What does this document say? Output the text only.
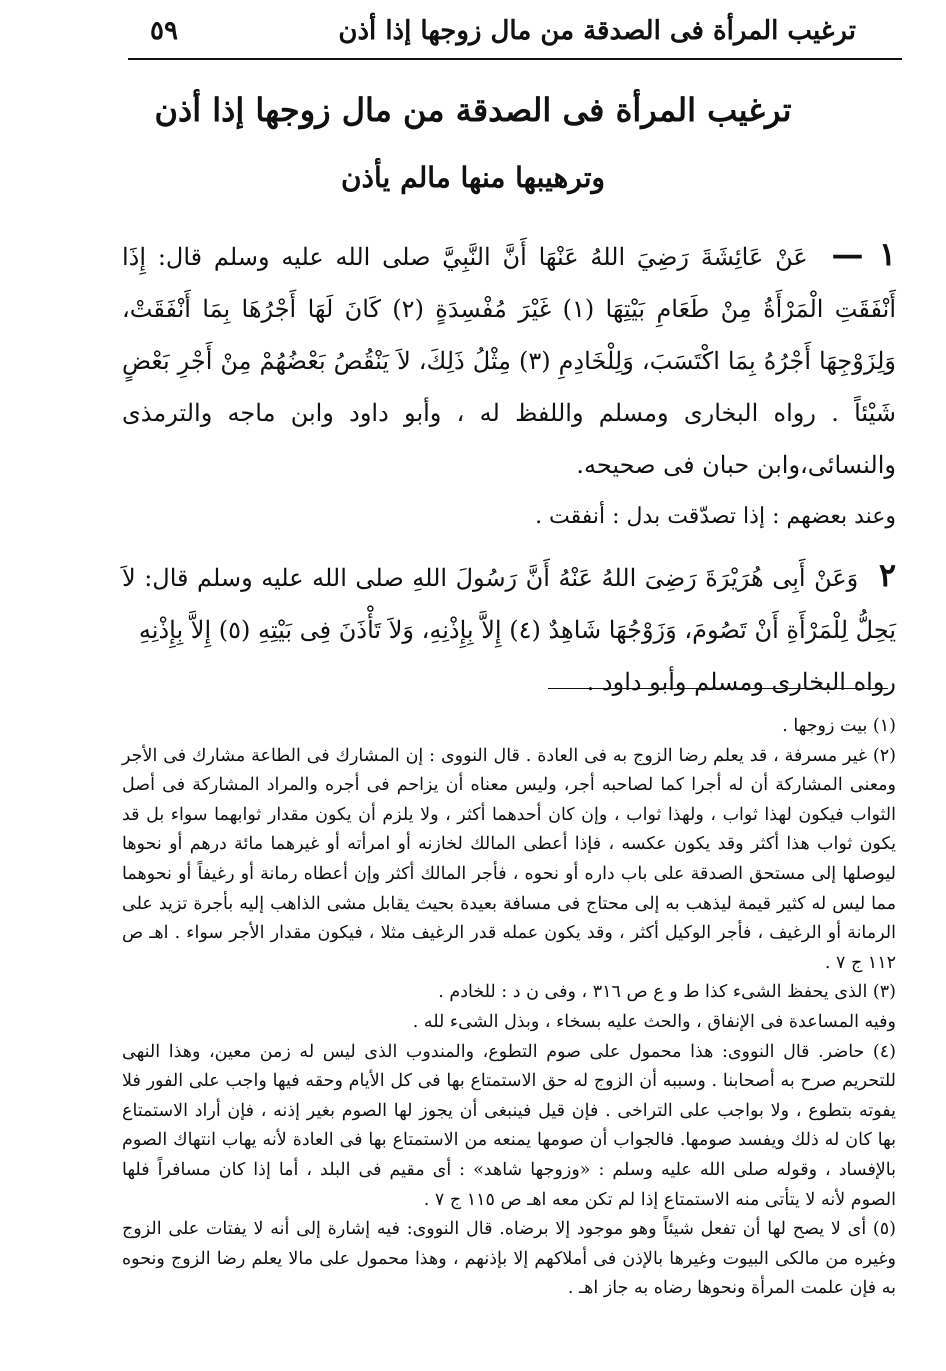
ترغيب المرأة فى الصدقة من مال زوجها إذا أذن
٥٩
ترغيب المرأة فى الصدقة من مال زوجها إذا أذن
وترهيبها منها مالم يأذن

١ — عَنْ عَائِشَةَ رَضِيَ اللهُ عَنْهَا أَنَّ النَّبِيَّ صلى الله عليه وسلم قال: إِذَا أَنْفَقَتِ الْمَرْأَةُ مِنْ طَعَامِ بَيْتِهَا (١) غَيْرَ مُفْسِدَةٍ (٢) كَانَ لَهَا أَجْرُهَا بِمَا أَنْفَقَتْ، وَلِزَوْجِهَا أَجْرُهُ بِمَا اكْتَسَبَ، وَلِلْخَادِمِ (٣) مِثْلُ ذَلِكَ، لاَ يَنْقُصُ بَعْضُهُمْ مِنْ أَجْرِ بَعْضٍ شَيْئاً . رواه البخارى ومسلم واللفظ له ، وأبو داود وابن ماجه والترمذى والنسائى،وابن حبان فى صحيحه.

وعند بعضهم : إذا تصدّقت بدل : أنفقت .

٢ وَعَنْ أَبِى هُرَيْرَةَ رَضِىَ اللهُ عَنْهُ أَنَّ رَسُولَ اللهِ صلى الله عليه وسلم قال: لاَ يَحِلُّ لِلْمَرْأَةِ أَنْ تَصُومَ، وَزَوْجُهَا شَاهِدٌ (٤) إِلاَّ بِإِذْنِهِ، وَلاَ تَأْذَنَ فِى بَيْتِهِ (٥) إِلاَّ بِإِذْنِهِ

رواه البخارى ومسلم وأبو داود .

(١) بيت زوجها .

(٢) غير مسرفة ، قد يعلم رضا الزوج به فى العادة . قال النووى : إن المشارك فى الطاعة مشارك فى الأجر ومعنى المشاركة أن له أجرا كما لصاحبه أجر، وليس معناه أن يزاحم فى أجره والمراد المشاركة فى أصل الثواب فيكون لهذا ثواب ، ولهذا ثواب ، وإن كان أحدهما أكثر ، ولا يلزم أن يكون مقدار ثوابهما سواء بل قد يكون ثواب هذا أكثر وقد يكون عكسه ، فإذا أعطى المالك لخازنه أو امرأته أو غيرهما مائة درهم أو نحوها ليوصلها إلى مستحق الصدقة على باب داره أو نحوه ، فأجر المالك أكثر وإن أعطاه رمانة أو رغيفاً أو نحوهما مما ليس له كثير قيمة ليذهب به إلى محتاج فى مسافة بعيدة بحيث يقابل مشى الذاهب إليه بأجرة تزيد على الرمانة أو الرغيف ، فأجر الوكيل أكثر ، وقد يكون عمله قدر الرغيف مثلا ، فيكون مقدار الأجر سواء . اهـ ص ١١٢ ج ٧ .

(٣) الذى يحفظ الشىء كذا ط و ع ص ٣١٦ ، وفى ن د : للخادم .

وفيه المساعدة فى الإنفاق ، والحث عليه بسخاء ، وبذل الشىء لله .

(٤) حاضر. قال النووى: هذا محمول على صوم التطوع، والمندوب الذى ليس له زمن معين، وهذا النهى للتحريم صرح به أصحابنا . وسببه أن الزوج له حق الاستمتاع بها فى كل الأيام وحقه فيها واجب على الفور فلا يفوته بتطوع ، ولا بواجب على التراخى . فإن قيل فينبغى أن يجوز لها الصوم بغير إذنه ، فإن أراد الاستمتاع بها كان له ذلك ويفسد صومها. فالجواب أن صومها يمنعه من الاستمتاع بها فى العادة لأنه يهاب انتهاك الصوم بالإفساد ، وقوله صلى الله عليه وسلم : «وزوجها شاهد» : أى مقيم فى البلد ، أما إذا كان مسافراً فلها الصوم لأنه لا يتأتى منه الاستمتاع إذا لم تكن معه اهـ ص ١١٥ ج ٧ .

(٥) أى لا يصح لها أن تفعل شيئاً وهو موجود إلا برضاه. قال النووى: فيه إشارة إلى أنه لا يفتات على الزوج وغيره من مالكى البيوت وغيرها بالإذن فى أملاكهم إلا بإذنهم ، وهذا محمول على مالا يعلم رضا الزوج ونحوه به فإن علمت المرأة ونحوها رضاه به جاز اهـ .
